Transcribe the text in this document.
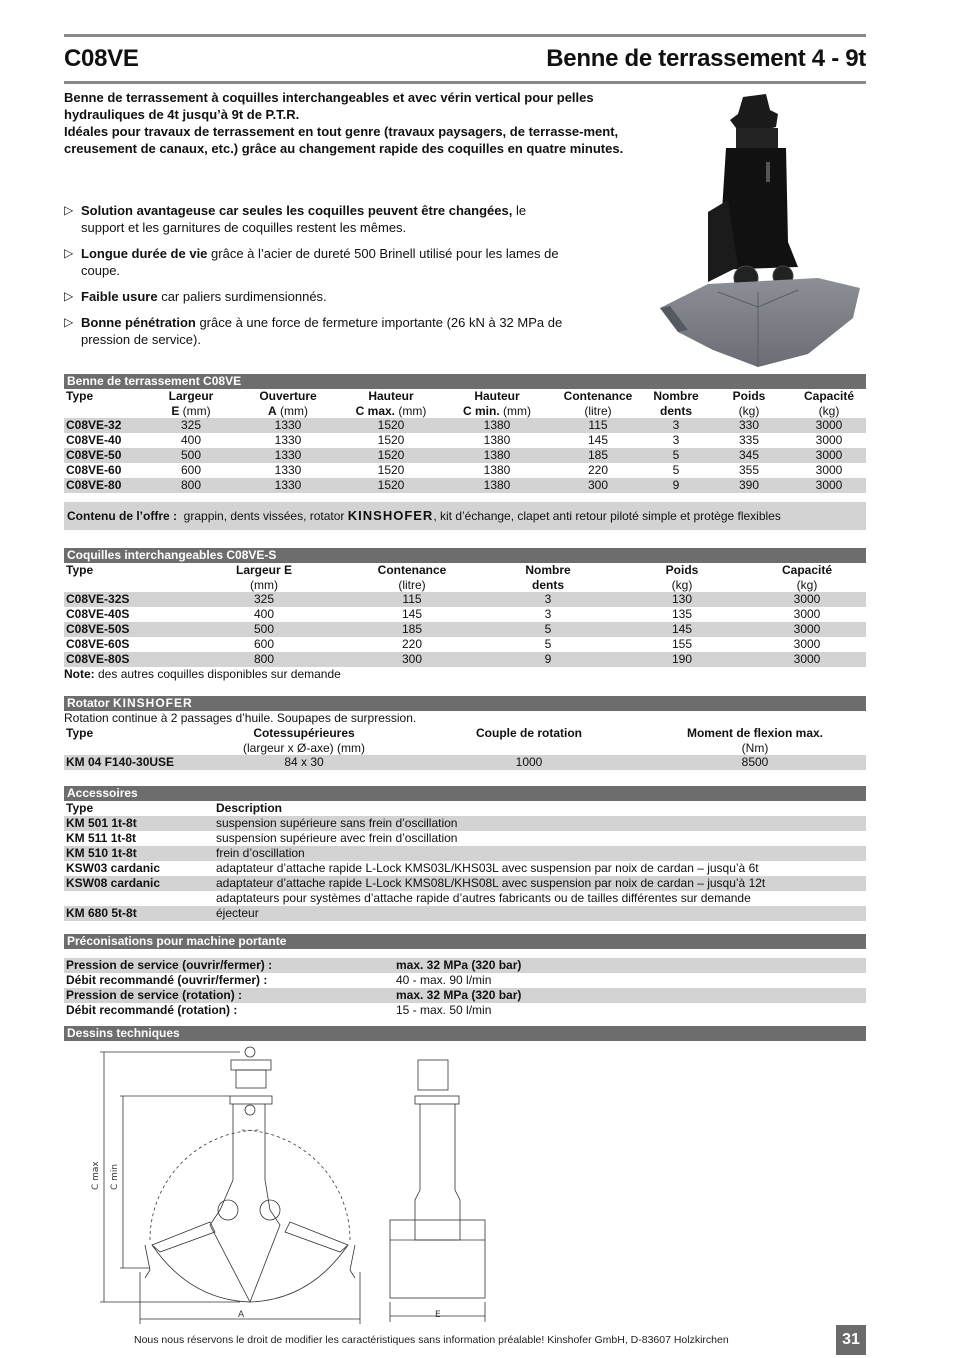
C08VE	Benne de terrassement 4 - 9t

Benne de terrassement à coquilles interchangeables et avec vérin vertical pour pelles hydrauliques de 4t jusqu’à 9t de P.T.R.

Idéales pour travaux de terrassement en tout genre (travaux paysagers, de terrasse-ment, creusement de canaux, etc.) grâce au changement rapide des coquilles en quatre minutes.

▷ Solution avantageuse car seules les coquilles peuvent être changées, le support et les garnitures de coquilles restent les mêmes.
▷ Longue durée de vie grâce à l’acier de dureté 500 Brinell utilisé pour les lames de coupe.
▷ Faible usure car paliers surdimensionnés.
▷ Bonne pénétration grâce à une force de fermeture importante (26 kN à 32 MPa de pression de service).
Benne de terrassement C08VE
Type	Largeur	Ouverture	Hauteur	Hauteur	Contenance	Nombre	Poids	Capacité
	E (mm)	A (mm)	C max. (mm)	C min. (mm)	(litre)	dents	(kg)	(kg)
C08VE-32	325	1330	1520	1380	115	3	330	3000
C08VE-40	400	1330	1520	1380	145	3	335	3000
C08VE-50	500	1330	1520	1380	185	5	345	3000
C08VE-60	600	1330	1520	1380	220	5	355	3000
C08VE-80	800	1330	1520	1380	300	9	390	3000
Contenu de l’offre : grappin, dents vissées, rotator KINSHOFER, kit d’échange, clapet anti retour piloté simple et protège flexibles
Coquilles interchangeables C08VE-S
Type	Largeur E	Contenance	Nombre	Poids	Capacité
	(mm)	(litre)	dents	(kg)	(kg)
C08VE-32S	325	115	3	130	3000
C08VE-40S	400	145	3	135	3000
C08VE-50S	500	185	5	145	3000
C08VE-60S	600	220	5	155	3000
C08VE-80S	800	300	9	190	3000
Note: des autres coquilles disponibles sur demande
Rotator KINSHOFER
Rotation continue à 2 passages d’huile. Soupapes de surpression.
Type	Cotessupérieures	Couple de rotation	Moment de flexion max.
	(largeur x Ø-axe) (mm)		(Nm)
KM 04 F140-30USE	84 x 30	1000	8500
Accessoires
Type	Description
KM 501 1t-8t	suspension supérieure sans frein d’oscillation
KM 511 1t-8t	suspension supérieure avec frein d’oscillation
KM 510 1t-8t	frein d’oscillation
KSW03 cardanic	adaptateur d’attache rapide L-Lock KMS03L/KHS03L avec suspension par noix de cardan – jusqu’à 6t
KSW08 cardanic	adaptateur d’attache rapide L-Lock KMS08L/KHS08L avec suspension par noix de cardan – jusqu’à 12t
	adaptateurs pour systèmes d’attache rapide d’autres fabricants ou de tailles différentes sur demande
KM 680 5t-8t	éjecteur
Préconisations pour machine portante
Pression de service (ouvrir/fermer) :	max. 32 MPa (320 bar)
Débit recommandé (ouvrir/fermer) :	40 - max. 90 l/min
Pression de service (rotation) :	max. 32 MPa (320 bar)
Débit recommandé (rotation) :	15 - max. 50 l/min
Dessins techniques
C max C min
A	E
Nous nous réservons le droit de modifier les caractéristiques sans information préalable! Kinshofer GmbH, D-83607 Holzkirchen	31
